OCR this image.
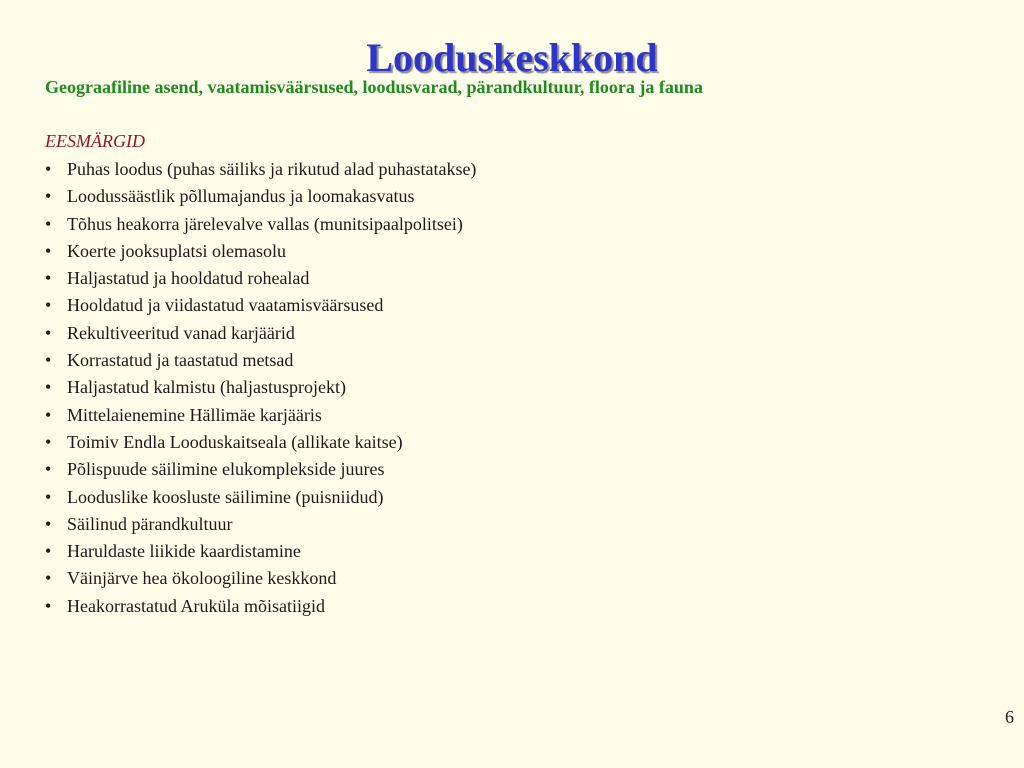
Looduskeskkond

Geograafiline asend, vaatamisväärsused, loodusvarad, pärandkultuur, floora ja fauna

EESMÄRGID

• Puhas loodus (puhas säiliks ja rikutud alad puhastatakse)
• Loodussäästlik põllumajandus ja loomakasvatus
• Tõhus heakorra järelevalve vallas (munitsipaalpolitsei)
• Koerte jooksuplatsi olemasolu
• Haljastatud ja hooldatud rohealad
• Hooldatud ja viidastatud vaatamisväärsused
• Rekultiveeritud vanad karjäärid
• Korrastatud ja taastatud metsad
• Haljastatud kalmistu (haljastusprojekt)
• Mittelaienemine Hällimäe karjääris
• Toimiv Endla Looduskaitseala (allikate kaitse)
• Põlispuude säilimine elukomplekside juures
• Looduslike koosluste säilimine (puisniidud)
• Säilinud pärandkultuur
• Haruldaste liikide kaardistamine
• Väinjärve hea ökoloogiline keskkond
• Heakorrastatud Aruküla mõisatiigid

6
